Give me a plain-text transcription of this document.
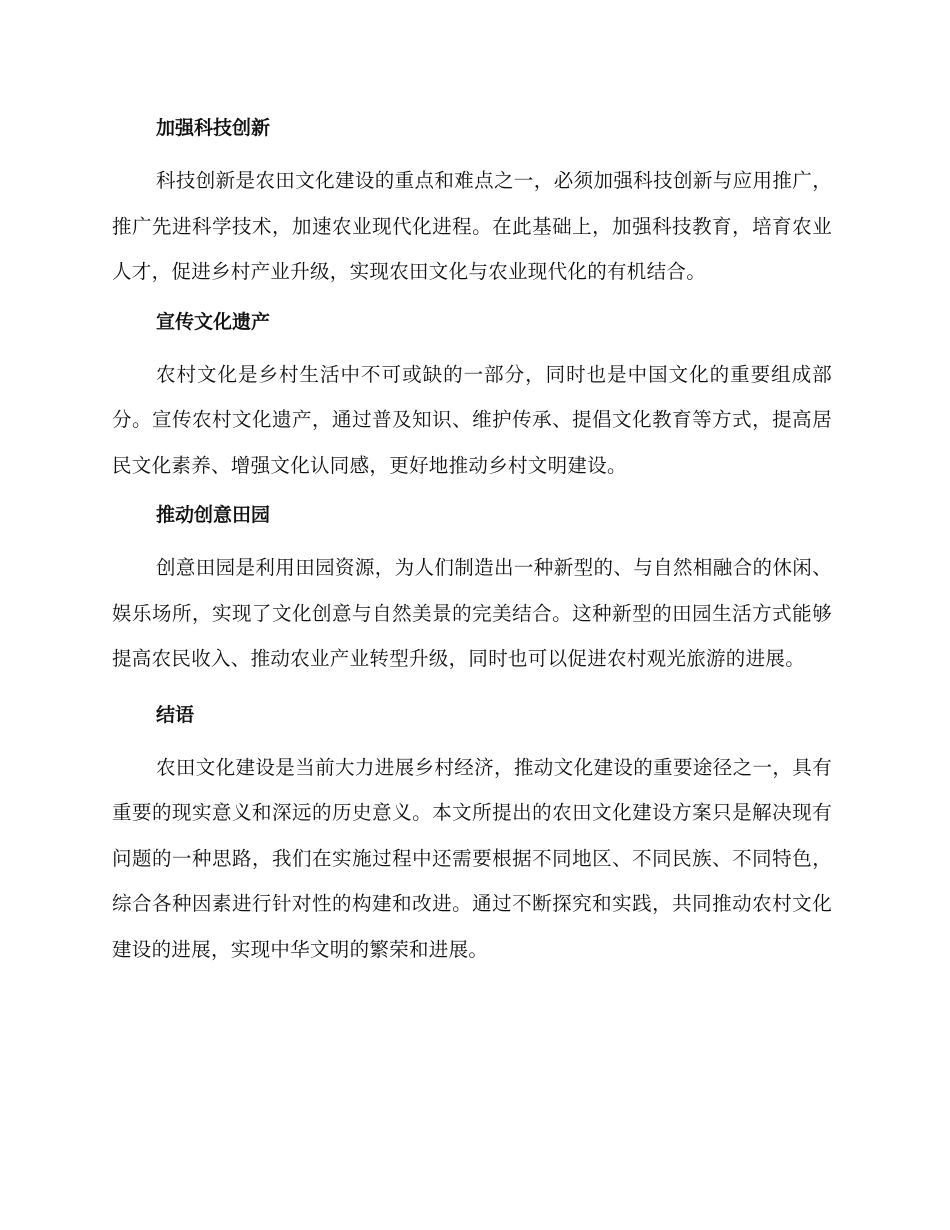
加强科技创新

科技创新是农田文化建设的重点和难点之一，必须加强科技创新与应用推广，推广先进科学技术，加速农业现代化进程。在此基础上，加强科技教育，培育农业人才，促进乡村产业升级，实现农田文化与农业现代化的有机结合。

宣传文化遗产

农村文化是乡村生活中不可或缺的一部分，同时也是中国文化的重要组成部分。宣传农村文化遗产，通过普及知识、维护传承、提倡文化教育等方式，提高居民文化素养、增强文化认同感，更好地推动乡村文明建设。

推动创意田园

创意田园是利用田园资源，为人们制造出一种新型的、与自然相融合的休闲、娱乐场所，实现了文化创意与自然美景的完美结合。这种新型的田园生活方式能够提高农民收入、推动农业产业转型升级，同时也可以促进农村观光旅游的进展。

结语

农田文化建设是当前大力进展乡村经济，推动文化建设的重要途径之一，具有重要的现实意义和深远的历史意义。本文所提出的农田文化建设方案只是解决现有问题的一种思路，我们在实施过程中还需要根据不同地区、不同民族、不同特色，综合各种因素进行针对性的构建和改进。通过不断探究和实践，共同推动农村文化建设的进展，实现中华文明的繁荣和进展。
